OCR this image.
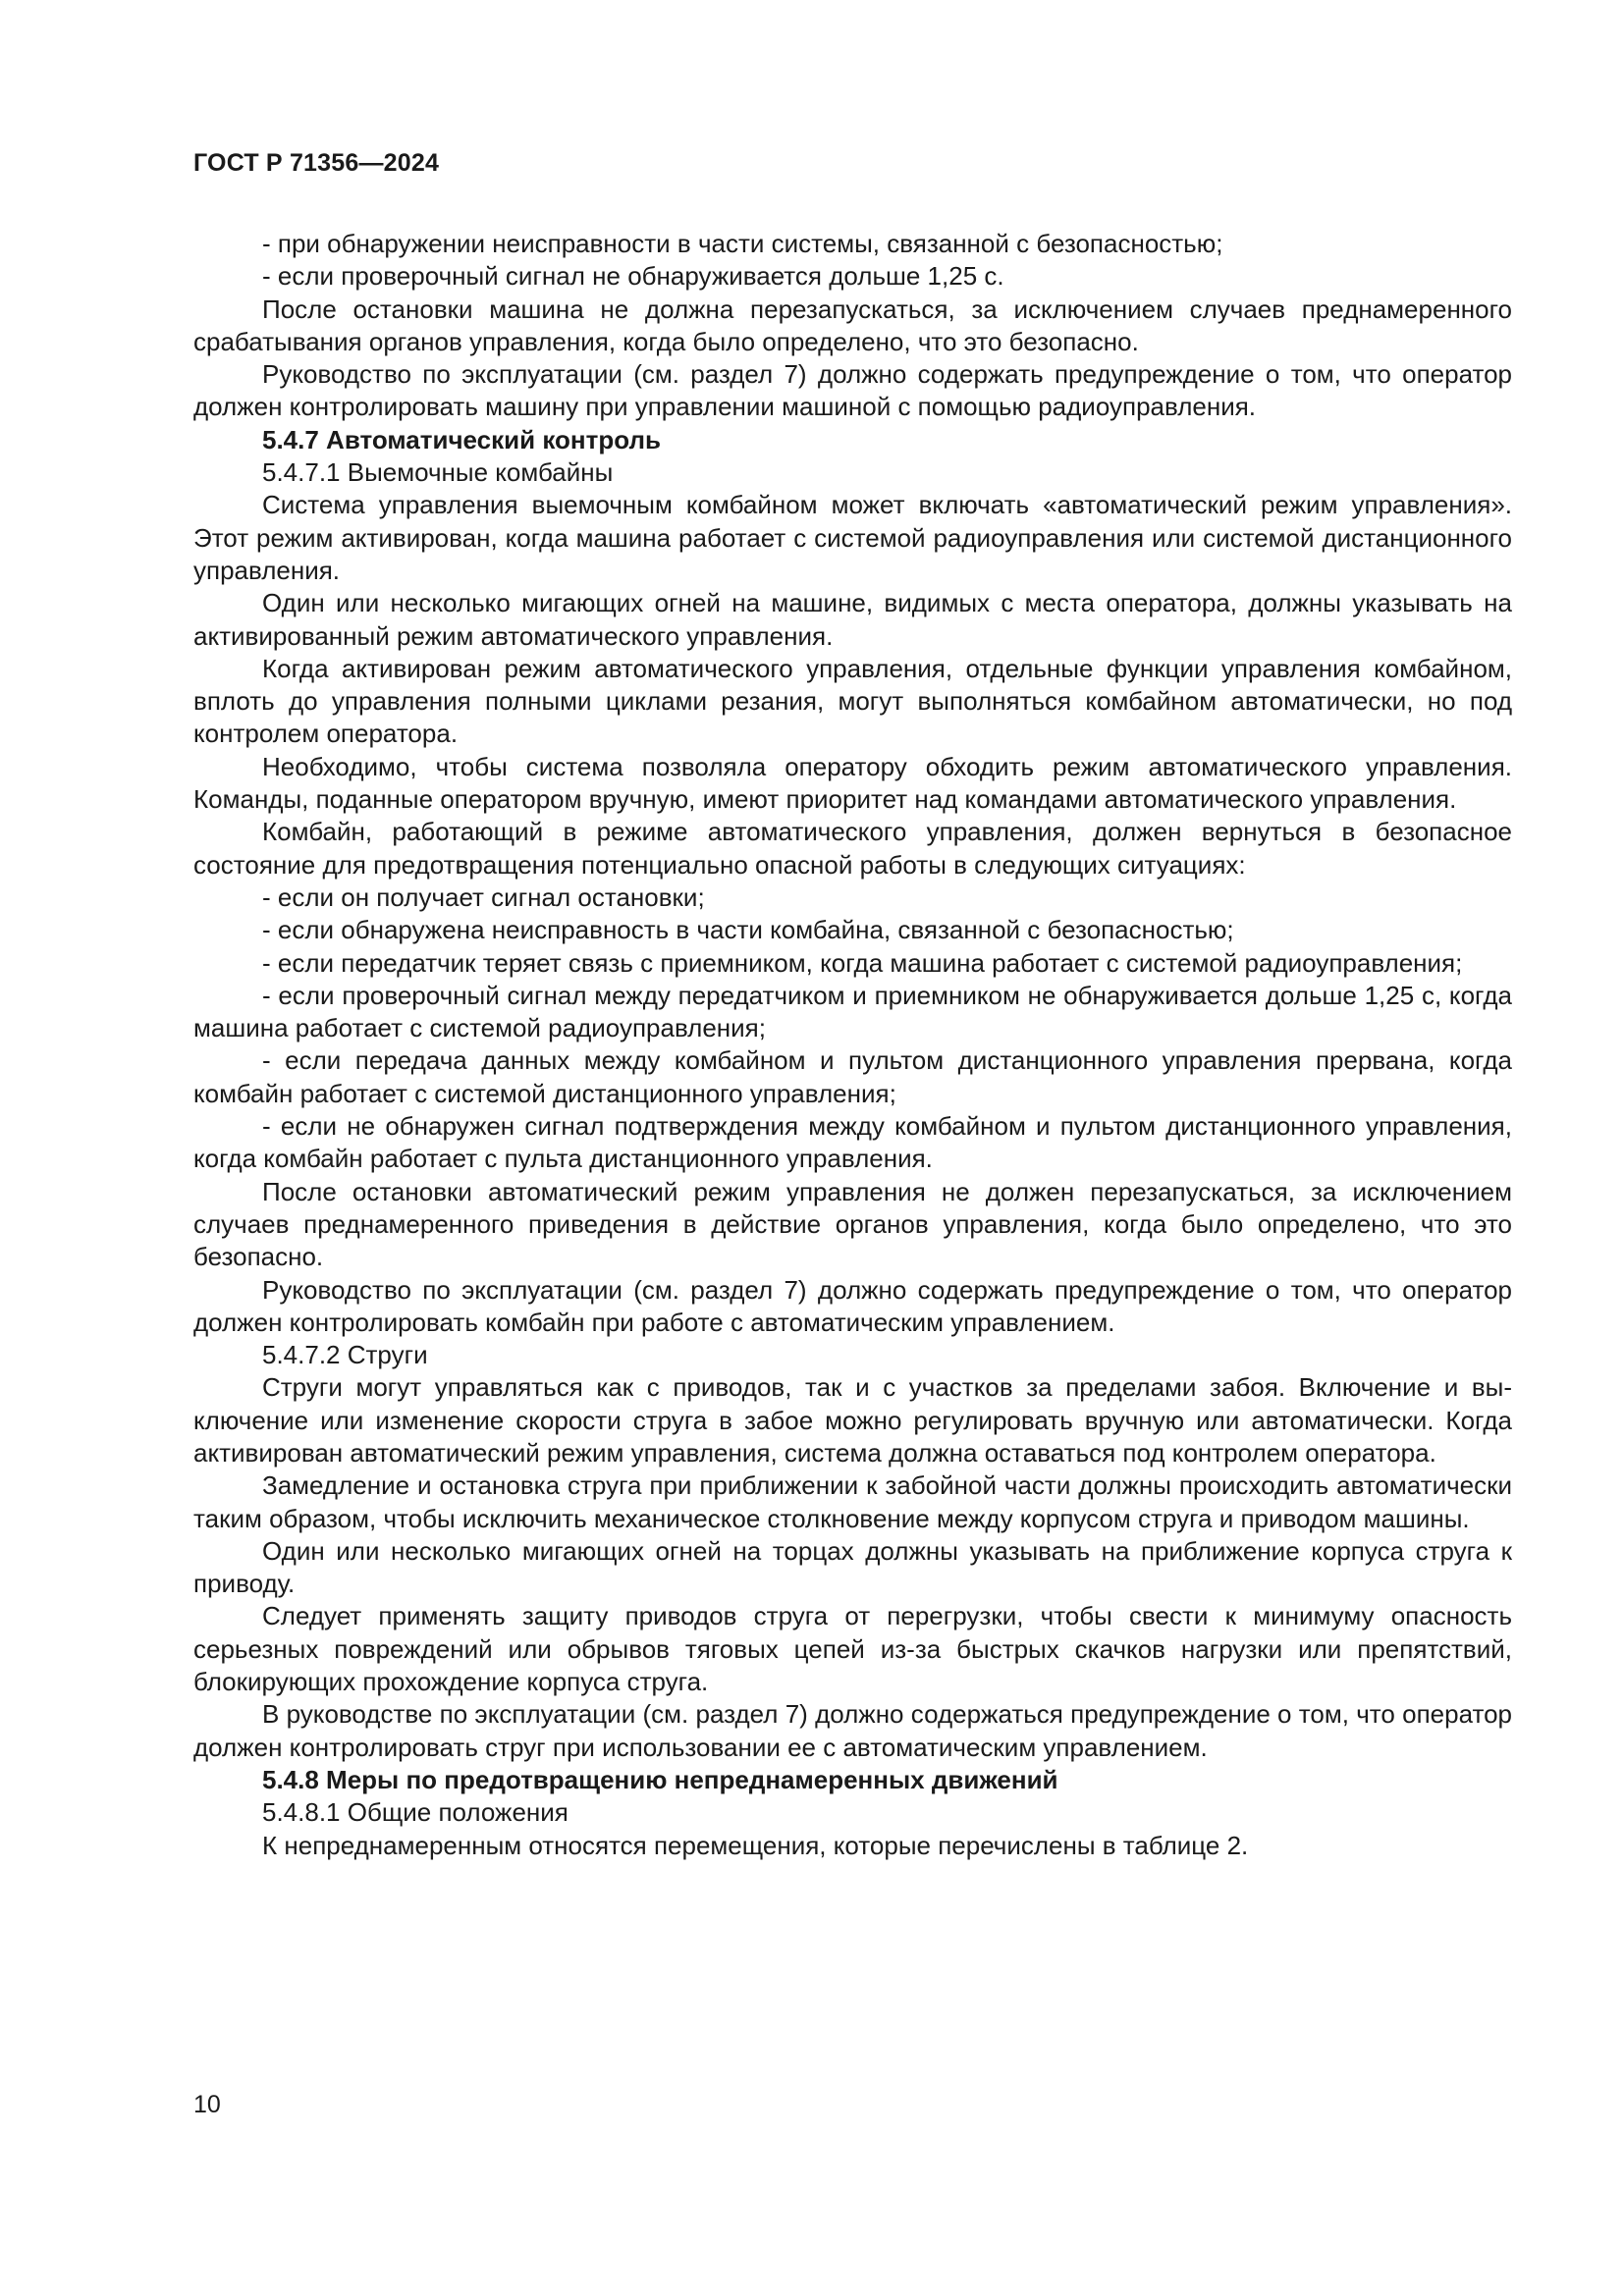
ГОСТ Р 71356—2024

- при обнаружении неисправности в части системы, связанной с безопасностью;

- если проверочный сигнал не обнаруживается дольше 1,25 с.

После остановки машина не должна перезапускаться, за исключением случаев преднамеренного срабатывания органов управления, когда было определено, что это безопасно.

Руководство по эксплуатации (см. раздел 7) должно содержать предупреждение о том, что оператор должен контролировать машину при управлении машиной с помощью радиоуправления.

5.4.7 Автоматический контроль

5.4.7.1 Выемочные комбайны

Система управления выемочным комбайном может включать «автоматический режим управления». Этот режим активирован, когда машина работает с системой радиоуправления или системой дистанционного управления.

Один или несколько мигающих огней на машине, видимых с места оператора, должны указывать на активированный режим автоматического управления.

Когда активирован режим автоматического управления, отдельные функции управления комбайном, вплоть до управления полными циклами резания, могут выполняться комбайном автоматически, но под контролем оператора.

Необходимо, чтобы система позволяла оператору обходить режим автоматического управления. Команды, поданные оператором вручную, имеют приоритет над командами автоматического управления.

Комбайн, работающий в режиме автоматического управления, должен вернуться в безопасное состояние для предотвращения потенциально опасной работы в следующих ситуациях:

- если он получает сигнал остановки;

- если обнаружена неисправность в части комбайна, связанной с безопасностью;

- если передатчик теряет связь с приемником, когда машина работает с системой радиоуправления;

- если проверочный сигнал между передатчиком и приемником не обнаруживается дольше 1,25 с, когда машина работает с системой радиоуправления;

- если передача данных между комбайном и пультом дистанционного управления прервана, когда комбайн работает с системой дистанционного управления;

- если не обнаружен сигнал подтверждения между комбайном и пультом дистанционного управления, когда комбайн работает с пульта дистанционного управления.

После остановки автоматический режим управления не должен перезапускаться, за исключением случаев преднамеренного приведения в действие органов управления, когда было определено, что это безопасно.

Руководство по эксплуатации (см. раздел 7) должно содержать предупреждение о том, что оператор должен контролировать комбайн при работе с автоматическим управлением.

5.4.7.2 Струги

Струги могут управляться как с приводов, так и с участков за пределами забоя. Включение и выключение или изменение скорости струга в забое можно регулировать вручную или автоматически. Когда активирован автоматический режим управления, система должна оставаться под контролем оператора.

Замедление и остановка струга при приближении к забойной части должны происходить автоматически таким образом, чтобы исключить механическое столкновение между корпусом струга и приводом машины.

Один или несколько мигающих огней на торцах должны указывать на приближение корпуса струга к приводу.

Следует применять защиту приводов струга от перегрузки, чтобы свести к минимуму опасность серьезных повреждений или обрывов тяговых цепей из-за быстрых скачков нагрузки или препятствий, блокирующих прохождение корпуса струга.

В руководстве по эксплуатации (см. раздел 7) должно содержаться предупреждение о том, что оператор должен контролировать струг при использовании ее с автоматическим управлением.

5.4.8 Меры по предотвращению непреднамеренных движений

5.4.8.1 Общие положения

К непреднамеренным относятся перемещения, которые перечислены в таблице 2.

10
